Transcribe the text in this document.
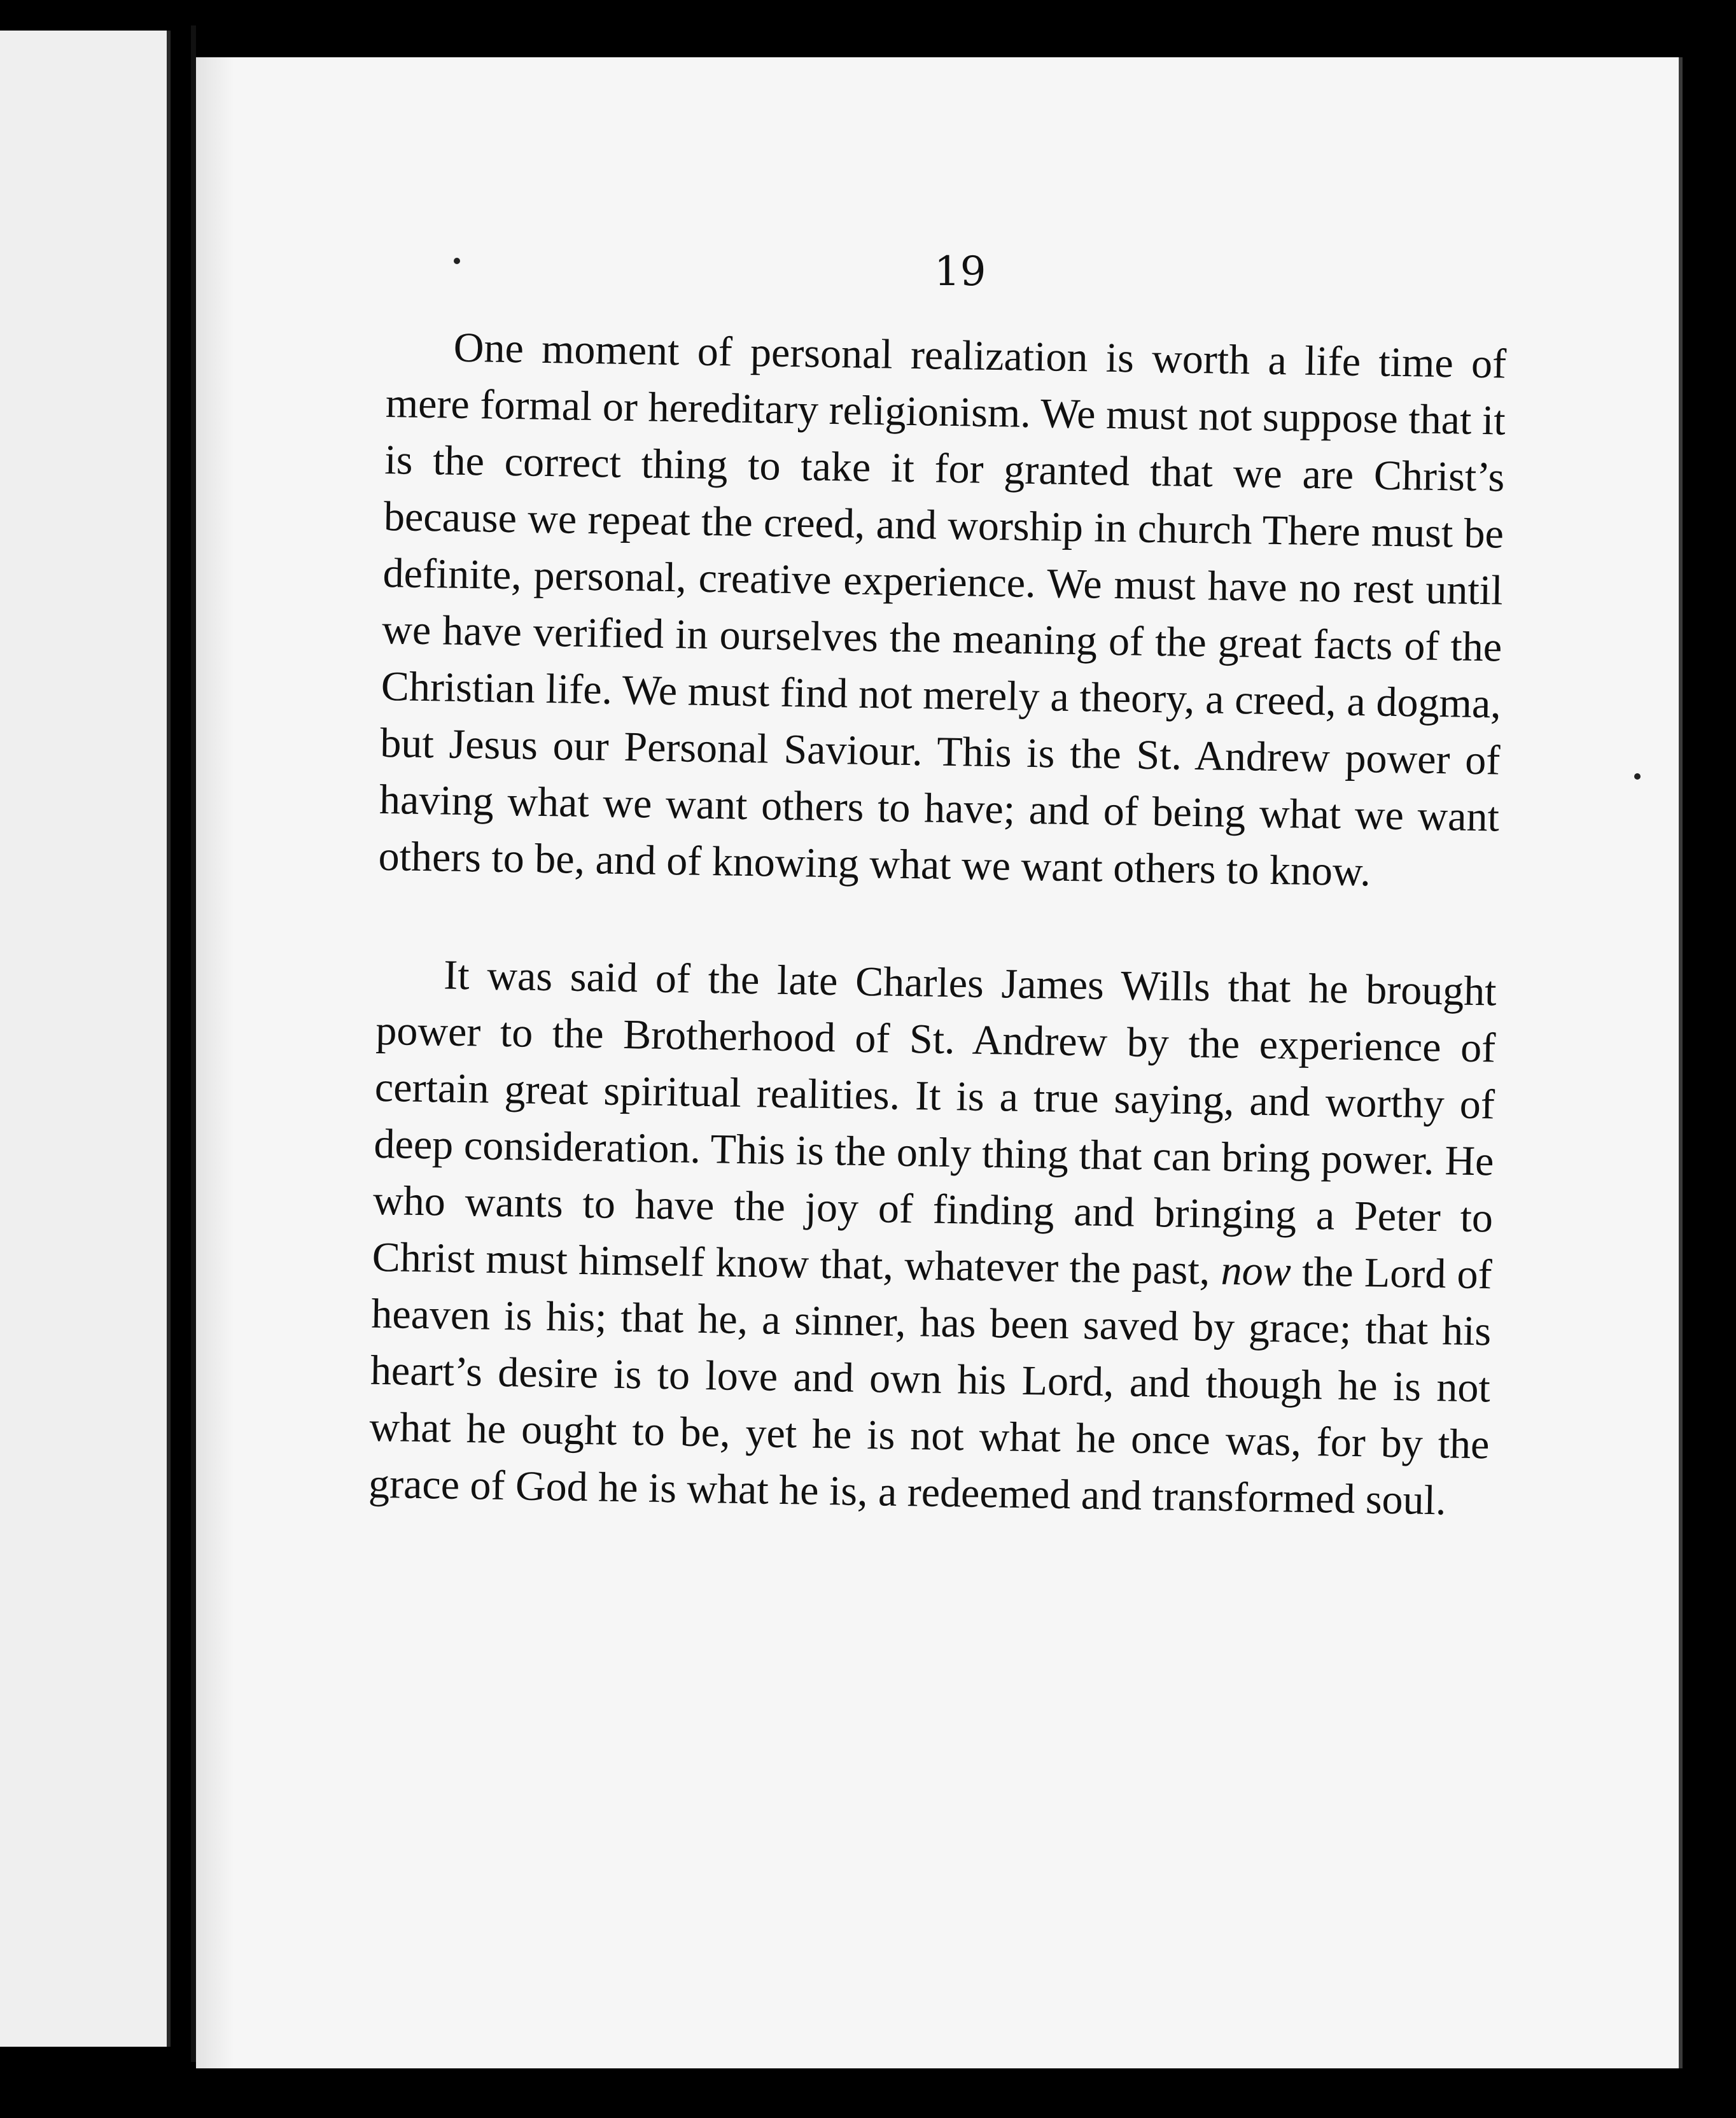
19

One moment of personal realization is worth a life time of mere formal or hereditary religionism. We must not suppose that it is the correct thing to take it for granted that we are Christ’s because we repeat the creed, and worship in church There must be definite, personal, creative experience. We must have no rest until we have verified in ourselves the meaning of the great facts of the Christian life. We must find not merely a theory, a creed, a dogma, but Jesus our Personal Saviour. This is the St. Andrew power of having what we want others to have; and of being what we want others to be, and of knowing what we want others to know.

It was said of the late Charles James Wills that he brought power to the Brotherhood of St. Andrew by the experience of certain great spiritual realities. It is a true saying, and worthy of deep consideration. This is the only thing that can bring power. He who wants to have the joy of finding and bringing a Peter to Christ must himself know that, whatever the past, now the Lord of heaven is his; that he, a sinner, has been saved by grace; that his heart’s desire is to love and own his Lord, and though he is not what he ought to be, yet he is not what he once was, for by the grace of God he is what he is, a redeemed and transformed soul.
